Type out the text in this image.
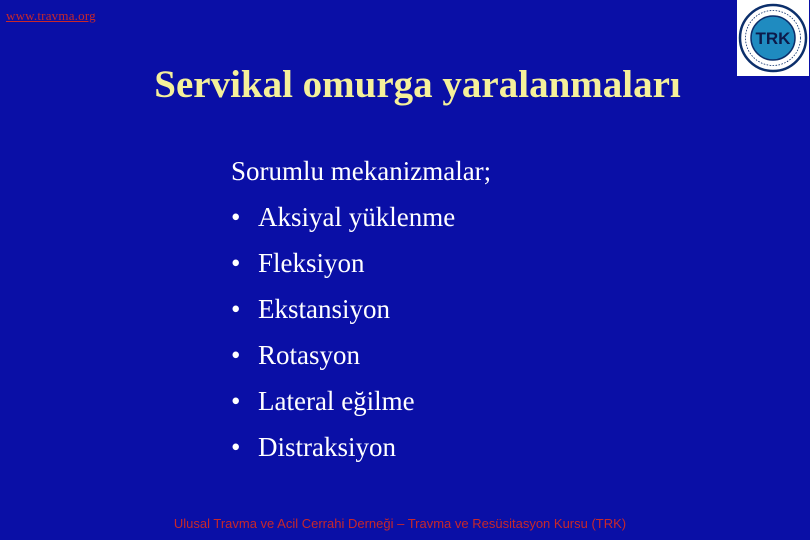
www.travma.org
TRK
Servikal omurga yaralanmaları
Sorumlu mekanizmalar;
• Aksiyal yüklenme
• Fleksiyon
• Ekstansiyon
• Rotasyon
• Lateral eğilme
• Distraksiyon
Ulusal Travma ve Acil Cerrahi Derneği – Travma ve Resüsitasyon Kursu (TRK)
